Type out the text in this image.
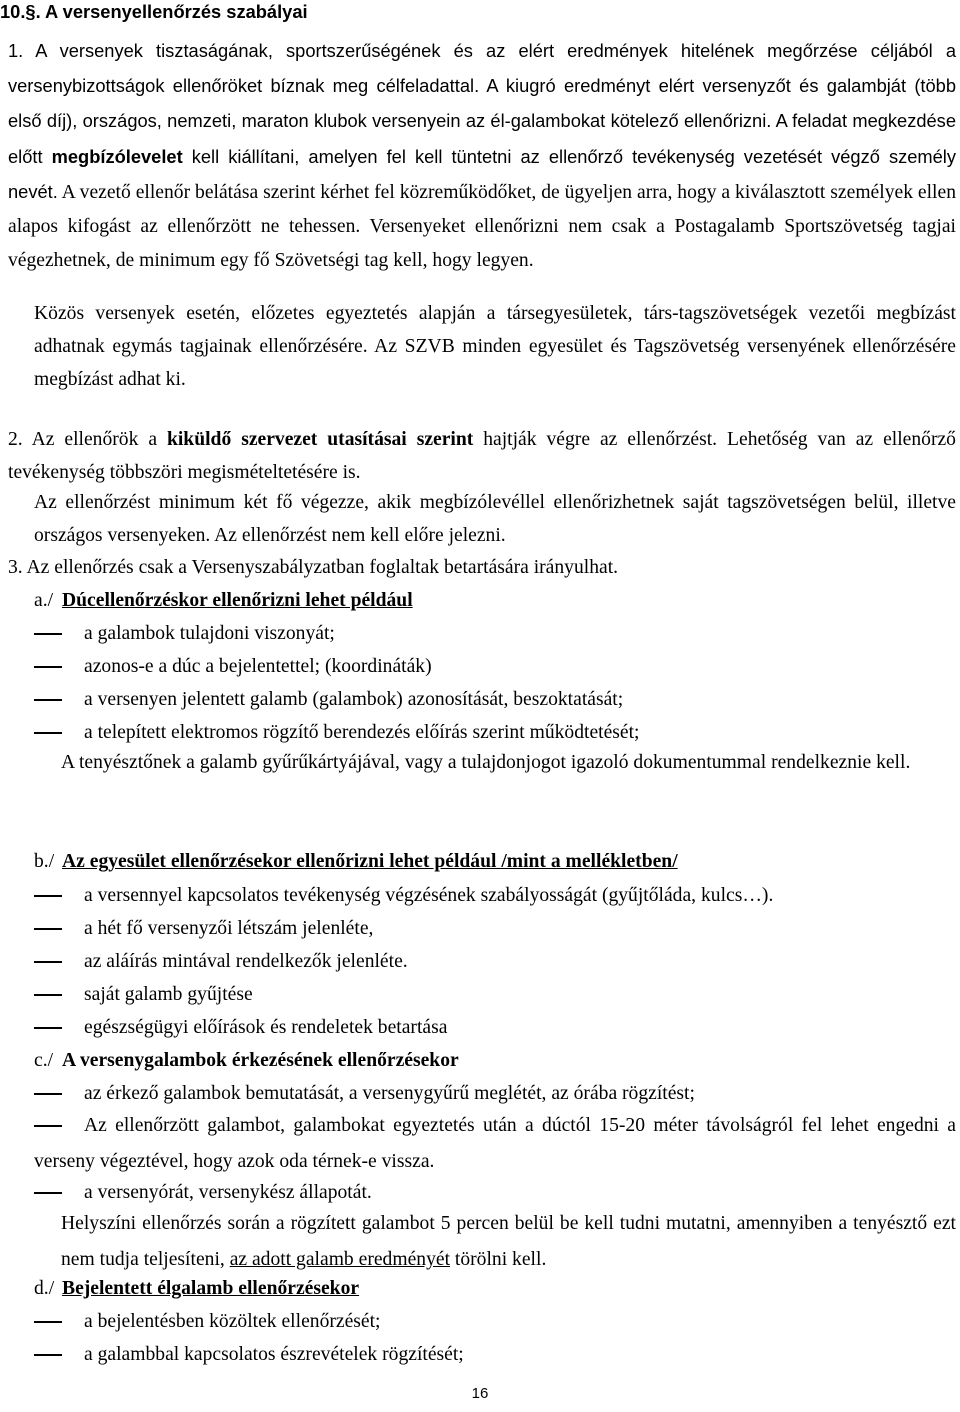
10.§. A versenyellenőrzés szabályai
1. A versenyek tisztaságának, sportszerűségének és az elért eredmények hitelének megőrzése céljából a versenybizottságok ellenőröket bíznak meg célfeladattal. A kiugró eredményt elért versenyzőt és galambját (több első díj), országos, nemzeti, maraton klubok versenyein az él-galambokat kötelező ellenőrizni. A feladat megkezdése előtt megbízólevelet kell kiállítani, amelyen fel kell tüntetni az ellenőrző tevékenység vezetését végző személy nevét. A vezető ellenőr belátása szerint kérhet fel közreműködőket, de ügyeljen arra, hogy a kiválasztott személyek ellen alapos kifogást az ellenőrzött ne tehessen. Versenyeket ellenőrizni nem csak a Postagalamb Sportszövetség tagjai végezhetnek, de minimum egy fő Szövetségi tag kell, hogy legyen.
Közös versenyek esetén, előzetes egyeztetés alapján a társegyesületek, társ-tagszövetségek vezetői megbízást adhatnak egymás tagjainak ellenőrzésére. Az SZVB minden egyesület és Tagszövetség versenyének ellenőrzésére megbízást adhat ki.
2. Az ellenőrök a kiküldő szervezet utasításai szerint hajtják végre az ellenőrzést. Lehetőség van az ellenőrző tevékenység többszöri megismételtetésére is.
Az ellenőrzést minimum két fő végezze, akik megbízólevéllel ellenőrizhetnek saját tagszövetségen belül, illetve országos versenyeken. Az ellenőrzést nem kell előre jelezni.
3. Az ellenőrzés csak a Versenyszabályzatban foglaltak betartására irányulhat.
a./ Dúcellenőrzéskor ellenőrizni lehet például
a galambok tulajdoni viszonyát;
azonos-e a dúc a bejelentettel; (koordináták)
a versenyen jelentett galamb (galambok) azonosítását, beszoktatását;
a telepített elektromos rögzítő berendezés előírás szerint működtetését;
A tenyésztőnek a galamb gyűrűkártyájával, vagy a tulajdonjogot igazoló dokumentummal rendelkeznie kell.
b./ Az egyesület ellenőrzésekor ellenőrizni lehet például /mint a mellékletben/
a versennyel kapcsolatos tevékenység végzésének szabályosságát (gyűjtőláda, kulcs…).
a hét fő versenyzői létszám jelenléte,
az aláírás mintával rendelkezők jelenléte.
saját galamb gyűjtése
egészségügyi előírások és rendeletek betartása
c./ A versenygalambok érkezésének ellenőrzésekor
az érkező galambok bemutatását, a versenygyűrű meglétét, az órába rögzítést;
Az ellenőrzött galambot, galambokat egyeztetés után a dúctól 15-20 méter távolságról fel lehet engedni a verseny végeztével, hogy azok oda térnek-e vissza.
a versenyórát, versenykész állapotát.
Helyszíni ellenőrzés során a rögzített galambot 5 percen belül be kell tudni mutatni, amennyiben a tenyésztő ezt nem tudja teljesíteni, az adott galamb eredményét törölni kell.
d./ Bejelentett élgalamb ellenőrzésekor
a bejelentésben közöltek ellenőrzését;
a galambbal kapcsolatos észrevételek rögzítését;
16
